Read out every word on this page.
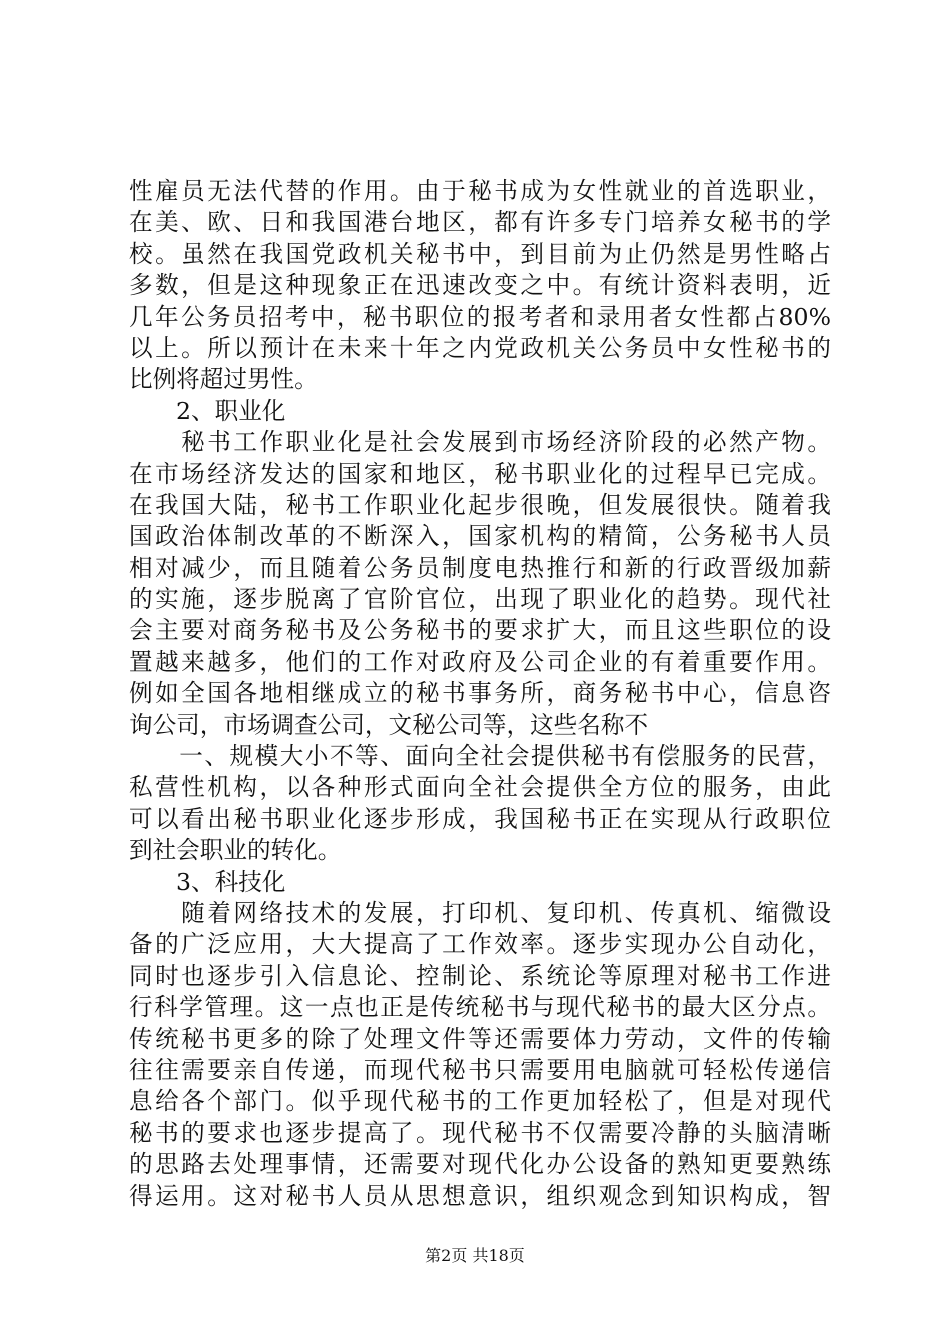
性雇员无法代替的作用。由于秘书成为女性就业的首选职业，
在美、欧、日和我国港台地区，都有许多专门培养女秘书的学
校。虽然在我国党政机关秘书中，到目前为止仍然是男性略占
多数，但是这种现象正在迅速改变之中。有统计资料表明，近
几年公务员招考中，秘书职位的报考者和录用者女性都占80%
以上。所以预计在未来十年之内党政机关公务员中女性秘书的
比例将超过男性。
2、职业化
　　秘书工作职业化是社会发展到市场经济阶段的必然产物。
在市场经济发达的国家和地区，秘书职业化的过程早已完成。
在我国大陆，秘书工作职业化起步很晚，但发展很快。随着我
国政治体制改革的不断深入，国家机构的精简，公务秘书人员
相对减少，而且随着公务员制度电热推行和新的行政晋级加薪
的实施，逐步脱离了官阶官位，出现了职业化的趋势。现代社
会主要对商务秘书及公务秘书的要求扩大，而且这些职位的设
置越来越多，他们的工作对政府及公司企业的有着重要作用。
例如全国各地相继成立的秘书事务所，商务秘书中心，信息咨
询公司，市场调查公司，文秘公司等，这些名称不
　　一、规模大小不等、面向全社会提供秘书有偿服务的民营，
私营性机构，以各种形式面向全社会提供全方位的服务，由此
可以看出秘书职业化逐步形成，我国秘书正在实现从行政职位
到社会职业的转化。
3、科技化
　　随着网络技术的发展，打印机、复印机、传真机、缩微设
备的广泛应用，大大提高了工作效率。逐步实现办公自动化，
同时也逐步引入信息论、控制论、系统论等原理对秘书工作进
行科学管理。这一点也正是传统秘书与现代秘书的最大区分点。
传统秘书更多的除了处理文件等还需要体力劳动，文件的传输
往往需要亲自传递，而现代秘书只需要用电脑就可轻松传递信
息给各个部门。似乎现代秘书的工作更加轻松了，但是对现代
秘书的要求也逐步提高了。现代秘书不仅需要冷静的头脑清晰
的思路去处理事情，还需要对现代化办公设备的熟知更要熟练
得运用。这对秘书人员从思想意识，组织观念到知识构成，智
第2页 共18页
